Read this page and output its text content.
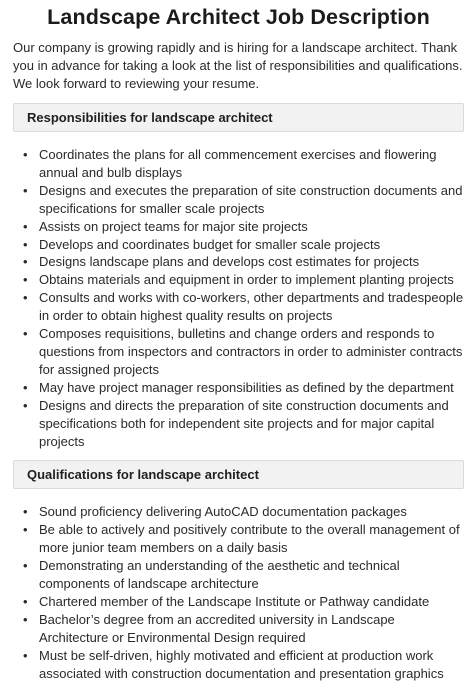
Landscape Architect Job Description

Our company is growing rapidly and is hiring for a landscape architect. Thank you in advance for taking a look at the list of responsibilities and qualifications. We look forward to reviewing your resume.

Responsibilities for landscape architect
• Coordinates the plans for all commencement exercises and flowering annual and bulb displays
• Designs and executes the preparation of site construction documents and specifications for smaller scale projects
• Assists on project teams for major site projects
• Develops and coordinates budget for smaller scale projects
• Designs landscape plans and develops cost estimates for projects
• Obtains materials and equipment in order to implement planting projects
• Consults and works with co-workers, other departments and tradespeople in order to obtain highest quality results on projects
• Composes requisitions, bulletins and change orders and responds to questions from inspectors and contractors in order to administer contracts for assigned projects
• May have project manager responsibilities as defined by the department
• Designs and directs the preparation of site construction documents and specifications both for independent site projects and for major capital projects
Qualifications for landscape architect
• Sound proficiency delivering AutoCAD documentation packages
• Be able to actively and positively contribute to the overall management of more junior team members on a daily basis
• Demonstrating an understanding of the aesthetic and technical components of landscape architecture
• Chartered member of the Landscape Institute or Pathway candidate
• Bachelor’s degree from an accredited university in Landscape Architecture or Environmental Design required
• Must be self-driven, highly motivated and efficient at production work associated with construction documentation and presentation graphics
